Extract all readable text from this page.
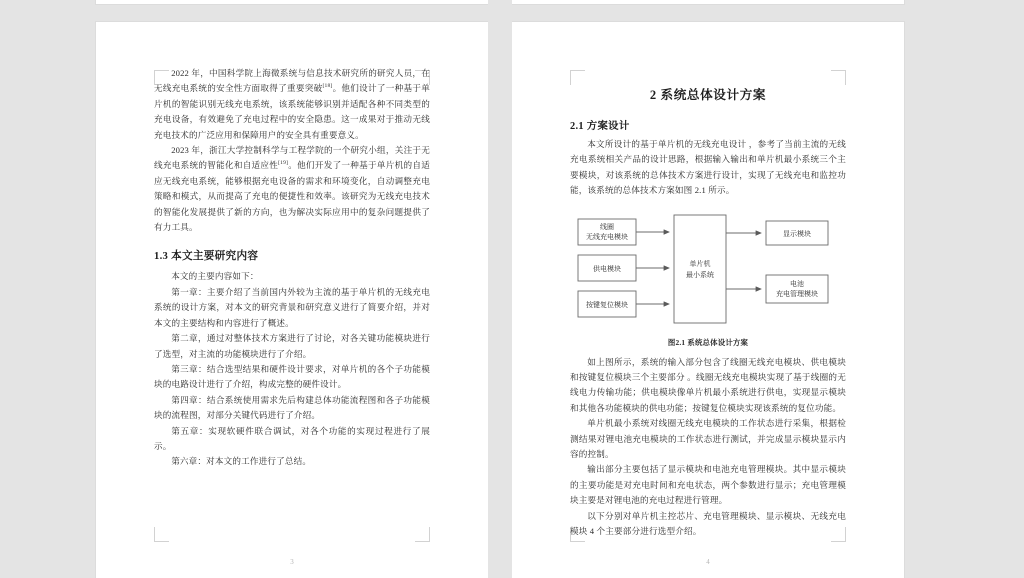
2022 年，中国科学院上海微系统与信息技术研究所的研究人员，在无线充电系统的安全性方面取得了重要突破[18]。他们设计了一种基于单片机的智能识别无线充电系统，该系统能够识别并适配各种不同类型的充电设备，有效避免了充电过程中的安全隐患。这一成果对于推动无线充电技术的广泛应用和保障用户的安全具有重要意义。

2023 年，浙江大学控制科学与工程学院的一个研究小组，关注于无线充电系统的智能化和自适应性[19]。他们开发了一种基于单片机的自适应无线充电系统，能够根据充电设备的需求和环境变化，自动调整充电策略和模式，从而提高了充电的便捷性和效率。该研究为无线充电技术的智能化发展提供了新的方向，也为解决实际应用中的复杂问题提供了有力工具。

1.3 本文主要研究内容

本文的主要内容如下：

第一章：主要介绍了当前国内外较为主流的基于单片机的无线充电系统的设计方案，对本文的研究背景和研究意义进行了简要介绍，并对本文的主要结构和内容进行了概述。

第二章，通过对整体技术方案进行了讨论，对各关键功能模块进行了选型，对主流的功能模块进行了介绍。

第三章：结合选型结果和硬件设计要求，对单片机的各个子功能模块的电路设计进行了介绍，构成完整的硬件设计。

第四章：结合系统使用需求先后构建总体功能流程图和各子功能模块的流程图，对部分关键代码进行了介绍。

第五章：实现软硬件联合调试，对各个功能的实现过程进行了展示。

第六章：对本文的工作进行了总结。

3
2 系统总体设计方案
2.1 方案设计

本文所设计的基于单片机的无线充电设计 ，参考了当前主流的无线充电系统相关产品的设计思路，根据输入输出和单片机最小系统三个主要模块，对该系统的总体技术方案进行设计，实现了无线充电和监控功能，该系统的总体技术方案如图 2.1 所示。

线圈
无线充电模块
供电模块
按键复位模块
单片机
最小系统
显示模块
电池
充电管理模块
图2.1 系统总体设计方案

如上图所示，系统的输入部分包含了线圈无线充电模块、供电模块和按键复位模块三个主要部分 。线圈无线充电模块实现了基于线圈的无线电力传输功能；供电模块像单片机最小系统进行供电，实现显示模块和其他各功能模块的供电功能；按键复位模块实现该系统的复位功能。

单片机最小系统对线圈无线充电模块的工作状态进行采集，根据检测结果对锂电池充电模块的工作状态进行测试，并完成显示模块显示内容的控制。

输出部分主要包括了显示模块和电池充电管理模块。其中显示模块的主要功能是对充电时间和充电状态，两个参数进行显示；充电管理模块主要是对锂电池的充电过程进行管理。

以下分别对单片机主控芯片、充电管理模块、显示模块、无线充电模块 4 个主要部分进行选型介绍。

4
